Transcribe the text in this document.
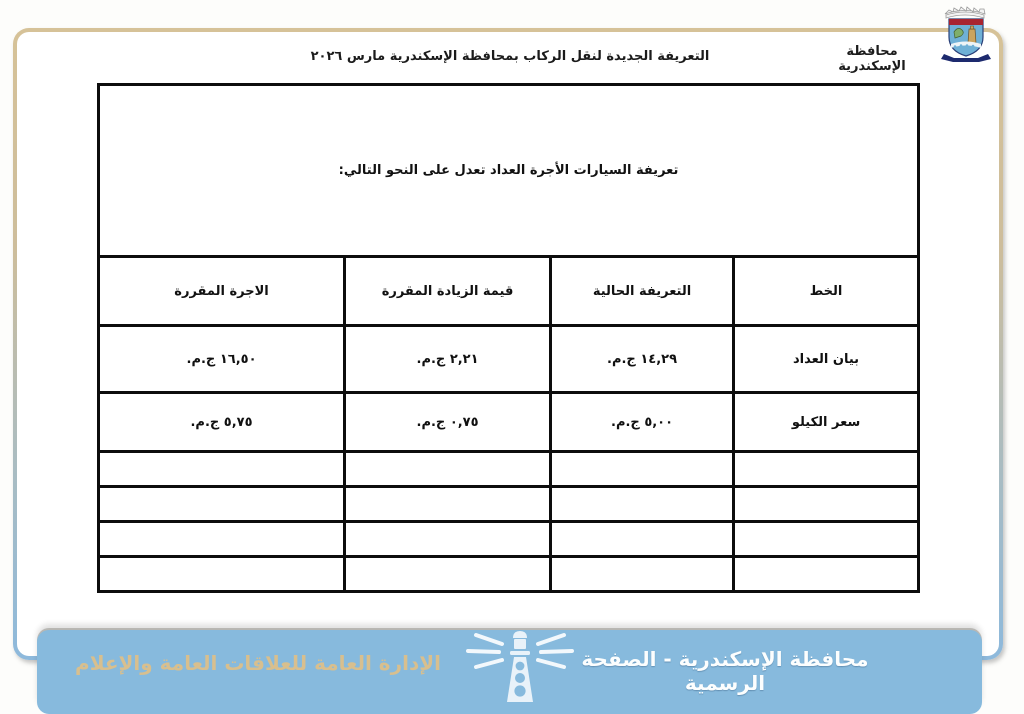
محافظة الإسكندرية
التعريفة الجديدة لنقل الركاب بمحافظة الإسكندرية مارس ٢٠٢٦
تعريفة السيارات الأجرة العداد تعدل على النحو التالي:			
الخط	التعريفة الحالية	قيمة الزيادة المقررة	الاجرة المقررة
بيان العداد	١٤,٢٩ ج.م.	٢,٢١ ج.م.	١٦,٥٠ ج.م.
سعر الكيلو	٥,٠٠ ج.م.	٠,٧٥ ج.م.	٥,٧٥ ج.م.

محافظة الإسكندرية - الصفحة الرسمية
الإدارة العامة للعلاقات العامة والإعلام
